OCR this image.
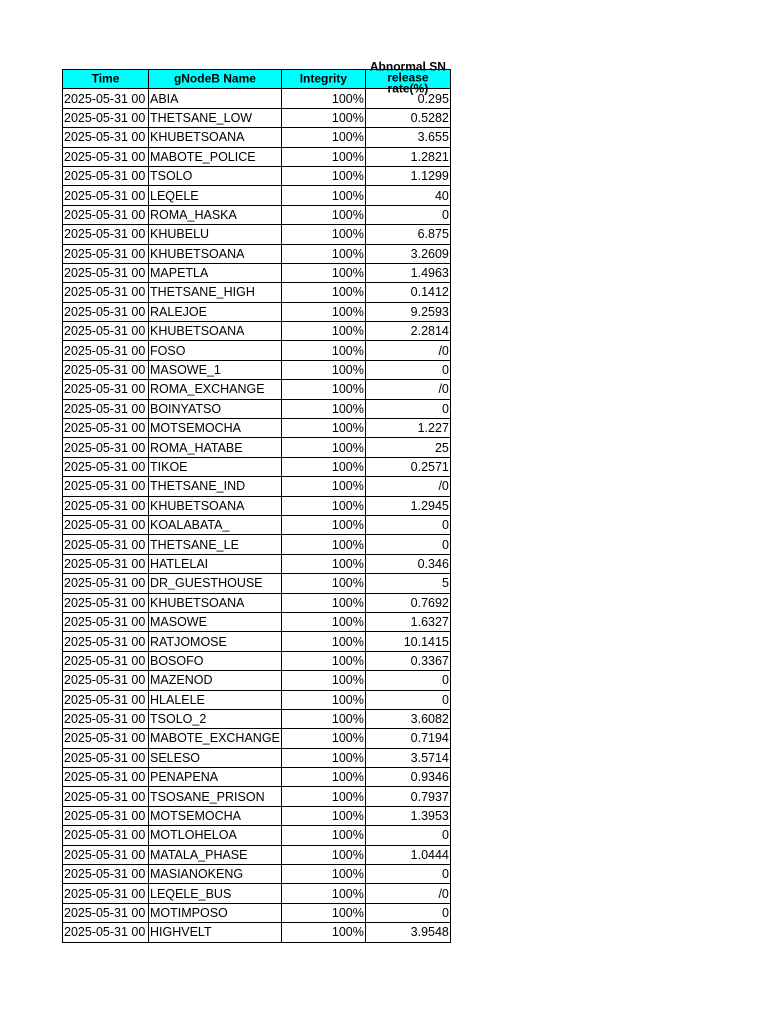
Time	gNodeB Name	Integrity	Abnormal SN release rate(%)

2025-05-31 00	ABIA	100%	0.295
2025-05-31 00	THETSANE_LOW	100%	0.5282
2025-05-31 00	KHUBETSOANA	100%	3.655
2025-05-31 00	MABOTE_POLICE	100%	1.2821
2025-05-31 00	TSOLO	100%	1.1299
2025-05-31 00	LEQELE	100%	40
2025-05-31 00	ROMA_HASKA	100%	0
2025-05-31 00	KHUBELU	100%	6.875
2025-05-31 00	KHUBETSOANA	100%	3.2609
2025-05-31 00	MAPETLA	100%	1.4963
2025-05-31 00	THETSANE_HIGH	100%	0.1412
2025-05-31 00	RALEJOE	100%	9.2593
2025-05-31 00	KHUBETSOANA	100%	2.2814
2025-05-31 00	FOSO	100%	/0
2025-05-31 00	MASOWE_1	100%	0
2025-05-31 00	ROMA_EXCHANGE	100%	/0
2025-05-31 00	BOINYATSO	100%	0
2025-05-31 00	MOTSEMOCHA	100%	1.227
2025-05-31 00	ROMA_HATABE	100%	25
2025-05-31 00	TIKOE	100%	0.2571
2025-05-31 00	THETSANE_IND	100%	/0
2025-05-31 00	KHUBETSOANA	100%	1.2945
2025-05-31 00	KOALABATA_	100%	0
2025-05-31 00	THETSANE_LE	100%	0
2025-05-31 00	HATLELAI	100%	0.346
2025-05-31 00	DR_GUESTHOUSE	100%	5
2025-05-31 00	KHUBETSOANA	100%	0.7692
2025-05-31 00	MASOWE	100%	1.6327
2025-05-31 00	RATJOMOSE	100%	10.1415
2025-05-31 00	BOSOFO	100%	0.3367
2025-05-31 00	MAZENOD	100%	0
2025-05-31 00	HLALELE	100%	0
2025-05-31 00	TSOLO_2	100%	3.6082
2025-05-31 00	MABOTE_EXCHANGE	100%	0.7194
2025-05-31 00	SELESO	100%	3.5714
2025-05-31 00	PENAPENA	100%	0.9346
2025-05-31 00	TSOSANE_PRISON	100%	0.7937
2025-05-31 00	MOTSEMOCHA	100%	1.3953
2025-05-31 00	MOTLOHELOA	100%	0
2025-05-31 00	MATALA_PHASE	100%	1.0444
2025-05-31 00	MASIANOKENG	100%	0
2025-05-31 00	LEQELE_BUS	100%	/0
2025-05-31 00	MOTIMPOSO	100%	0
2025-05-31 00	HIGHVELT	100%	3.9548
